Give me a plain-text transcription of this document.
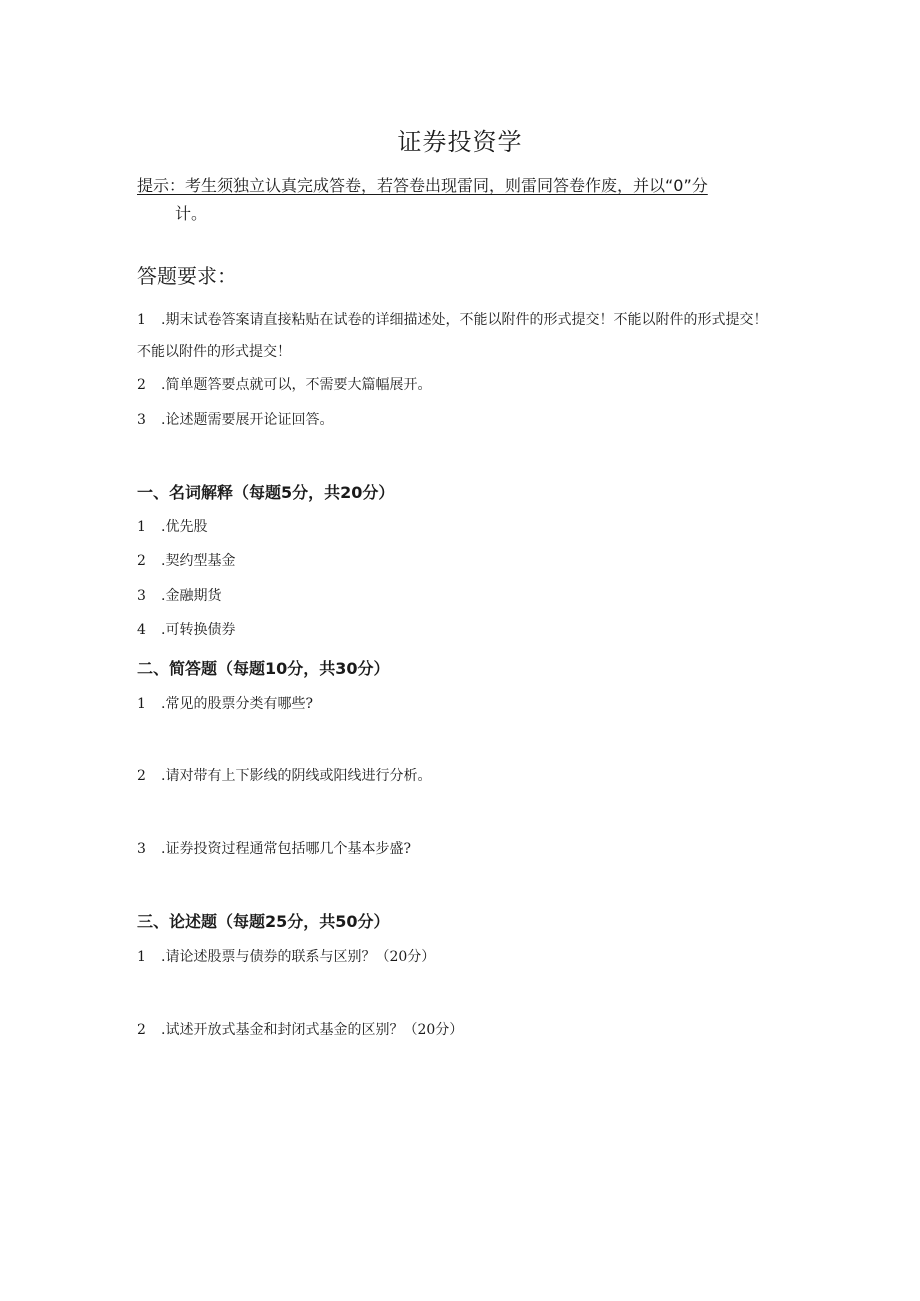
证券投资学
提示：考生须独立认真完成答卷，若答卷出现雷同，则雷同答卷作废，并以“0”分
计。
答题要求：
1 .期末试卷答案请直接粘贴在试卷的详细描述处，不能以附件的形式提交！不能以附件的形式提交！不能以附件的形式提交！
2 .简单题答要点就可以，不需要大篇幅展开。
3 .论述题需要展开论证回答。
一、名词解释（每题5分，共20分）
1 .优先股
2 .契约型基金
3 .金融期货
4 .可转换债券
二、简答题（每题10分，共30分）
1 .常见的股票分类有哪些?
2 .请对带有上下影线的阴线或阳线进行分析。
3 .证券投资过程通常包括哪几个基本步盛?
三、论述题（每题25分，共50分）
1 .请论述股票与债券的联系与区别？（20分）
2 .试述开放式基金和封闭式基金的区别？（20分）
